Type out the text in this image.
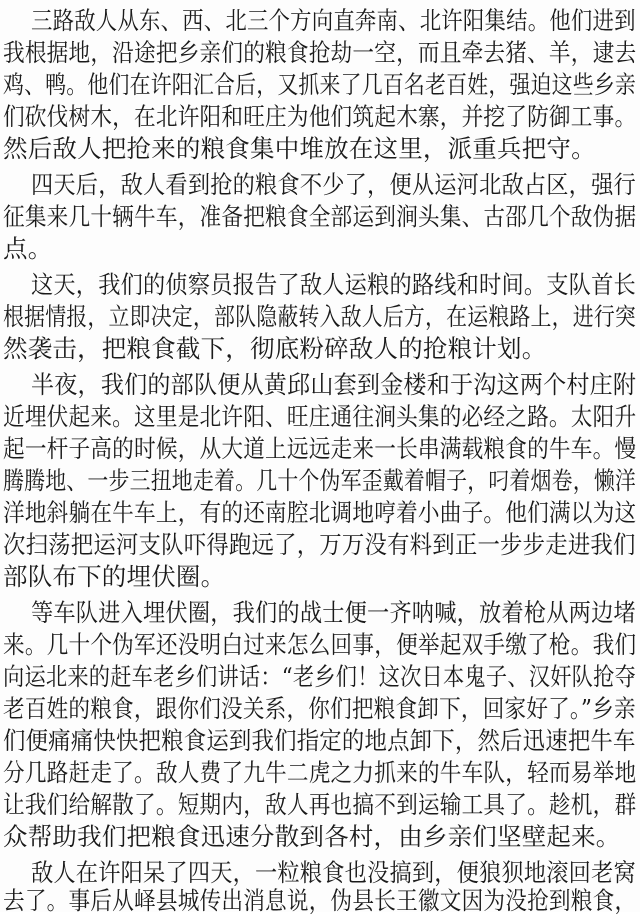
三路敌人从东、西、北三个方向直奔南、北许阳集结。他们进到
我根据地，沿途把乡亲们的粮食抢劫一空，而且牵去猪、羊，逮去
鸡、鸭。他们在许阳汇合后，又抓来了几百名老百姓，强迫这些乡亲
们砍伐树木，在北许阳和旺庄为他们筑起木寨，并挖了防御工事。
然后敌人把抢来的粮食集中堆放在这里，派重兵把守。
四天后，敌人看到抢的粮食不少了，便从运河北敌占区，强行
征集来几十辆牛车，准备把粮食全部运到涧头集、古邵几个敌伪据
点。
这天，我们的侦察员报告了敌人运粮的路线和时间。支队首长
根据情报，立即决定，部队隐蔽转入敌人后方，在运粮路上，进行突
然袭击，把粮食截下，彻底粉碎敌人的抢粮计划。
半夜，我们的部队便从黄邱山套到金楼和于沟这两个村庄附
近埋伏起来。这里是北许阳、旺庄通往涧头集的必经之路。太阳升
起一杆子高的时候，从大道上远远走来一长串满载粮食的牛车。慢
腾腾地、一步三扭地走着。几十个伪军歪戴着帽子，叼着烟卷，懒洋
洋地斜躺在牛车上，有的还南腔北调地哼着小曲子。他们满以为这
次扫荡把运河支队吓得跑远了，万万没有料到正一步步走进我们
部队布下的埋伏圈。
等车队进入埋伏圈，我们的战士便一齐呐喊，放着枪从两边堵
来。几十个伪军还没明白过来怎么回事，便举起双手缴了枪。我们
向运北来的赶车老乡们讲话：“老乡们！这次日本鬼子、汉奸队抢夺
老百姓的粮食，跟你们没关系，你们把粮食卸下，回家好了。”乡亲
们便痛痛快快把粮食运到我们指定的地点卸下，然后迅速把牛车
分几路赶走了。敌人费了九牛二虎之力抓来的牛车队，轻而易举地
让我们给解散了。短期内，敌人再也搞不到运输工具了。趁机，群
众帮助我们把粮食迅速分散到各村，由乡亲们坚壁起来。
敌人在许阳呆了四天，一粒粮食也没搞到，便狼狈地滚回老窝
去了。事后从峄县城传出消息说，伪县长王徽文因为没抢到粮食，
